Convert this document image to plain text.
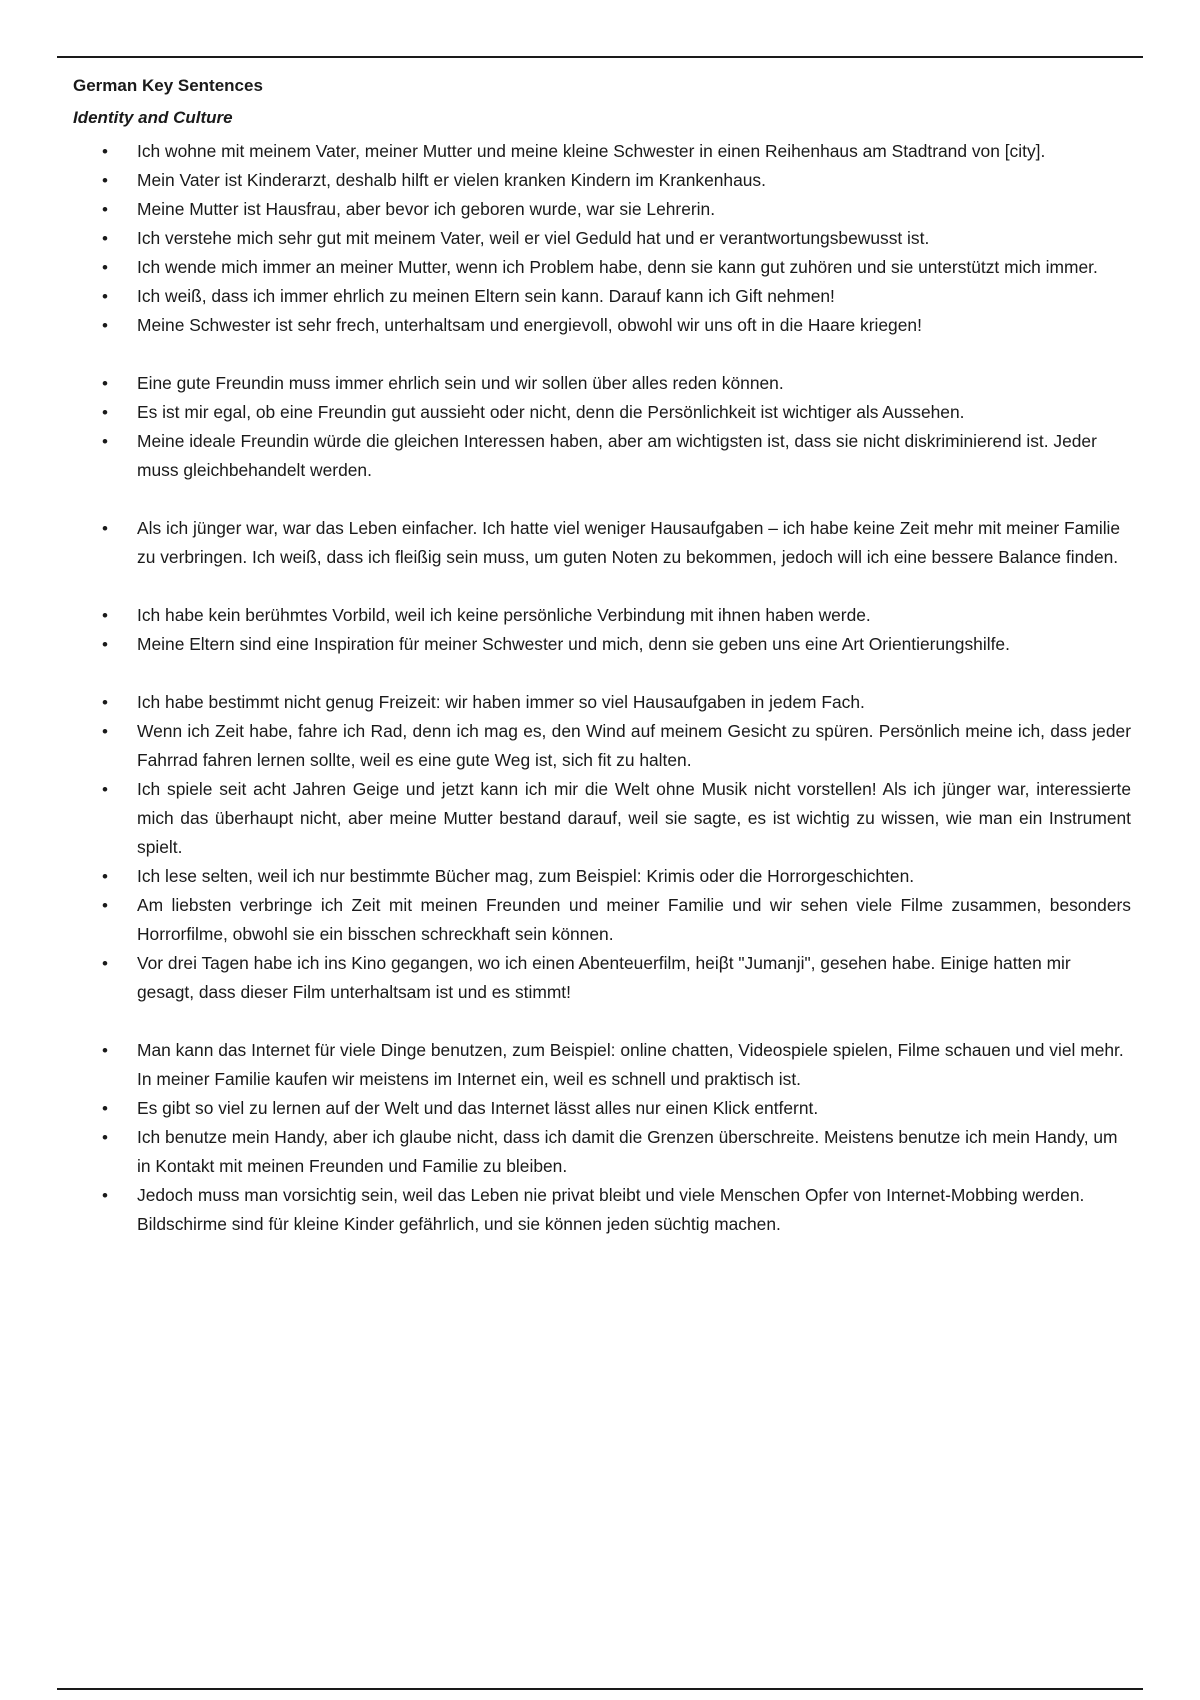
German Key Sentences

Identity and Culture

• Ich wohne mit meinem Vater, meiner Mutter und meine kleine Schwester in einen Reihenhaus am Stadtrand von [city].
• Mein Vater ist Kinderarzt, deshalb hilft er vielen kranken Kindern im Krankenhaus.
• Meine Mutter ist Hausfrau, aber bevor ich geboren wurde, war sie Lehrerin.
• Ich verstehe mich sehr gut mit meinem Vater, weil er viel Geduld hat und er verantwortungsbewusst ist.
• Ich wende mich immer an meiner Mutter, wenn ich Problem habe, denn sie kann gut zuhören und sie unterstützt mich immer.
• Ich weiß, dass ich immer ehrlich zu meinen Eltern sein kann. Darauf kann ich Gift nehmen!
• Meine Schwester ist sehr frech, unterhaltsam und energievoll, obwohl wir uns oft in die Haare kriegen!
• Eine gute Freundin muss immer ehrlich sein und wir sollen über alles reden können.
• Es ist mir egal, ob eine Freundin gut aussieht oder nicht, denn die Persönlichkeit ist wichtiger als Aussehen.
• Meine ideale Freundin würde die gleichen Interessen haben, aber am wichtigsten ist, dass sie nicht diskriminierend ist. Jeder muss gleichbehandelt werden.
• Als ich jünger war, war das Leben einfacher. Ich hatte viel weniger Hausaufgaben – ich habe keine Zeit mehr mit meiner Familie zu verbringen. Ich weiß, dass ich fleißig sein muss, um guten Noten zu bekommen, jedoch will ich eine bessere Balance finden.
• Ich habe kein berühmtes Vorbild, weil ich keine persönliche Verbindung mit ihnen haben werde.
• Meine Eltern sind eine Inspiration für meiner Schwester und mich, denn sie geben uns eine Art Orientierungshilfe.
• Ich habe bestimmt nicht genug Freizeit: wir haben immer so viel Hausaufgaben in jedem Fach.
• Wenn ich Zeit habe, fahre ich Rad, denn ich mag es, den Wind auf meinem Gesicht zu spüren. Persönlich meine ich, dass jeder Fahrrad fahren lernen sollte, weil es eine gute Weg ist, sich fit zu halten.
• Ich spiele seit acht Jahren Geige und jetzt kann ich mir die Welt ohne Musik nicht vorstellen! Als ich jünger war, interessierte mich das überhaupt nicht, aber meine Mutter bestand darauf, weil sie sagte, es ist wichtig zu wissen, wie man ein Instrument spielt.
• Ich lese selten, weil ich nur bestimmte Bücher mag, zum Beispiel: Krimis oder die Horrorgeschichten.
• Am liebsten verbringe ich Zeit mit meinen Freunden und meiner Familie und wir sehen viele Filme zusammen, besonders Horrorfilme, obwohl sie ein bisschen schreckhaft sein können.
• Vor drei Tagen habe ich ins Kino gegangen, wo ich einen Abenteuerfilm, heiβt "Jumanji", gesehen habe. Einige hatten mir gesagt, dass dieser Film unterhaltsam ist und es stimmt!
• Man kann das Internet für viele Dinge benutzen, zum Beispiel: online chatten, Videospiele spielen, Filme schauen und viel mehr. In meiner Familie kaufen wir meistens im Internet ein, weil es schnell und praktisch ist.
• Es gibt so viel zu lernen auf der Welt und das Internet lässt alles nur einen Klick entfernt.
• Ich benutze mein Handy, aber ich glaube nicht, dass ich damit die Grenzen überschreite. Meistens benutze ich mein Handy, um in Kontakt mit meinen Freunden und Familie zu bleiben.
• Jedoch muss man vorsichtig sein, weil das Leben nie privat bleibt und viele Menschen Opfer von Internet-Mobbing werden. Bildschirme sind für kleine Kinder gefährlich, und sie können jeden süchtig machen.
